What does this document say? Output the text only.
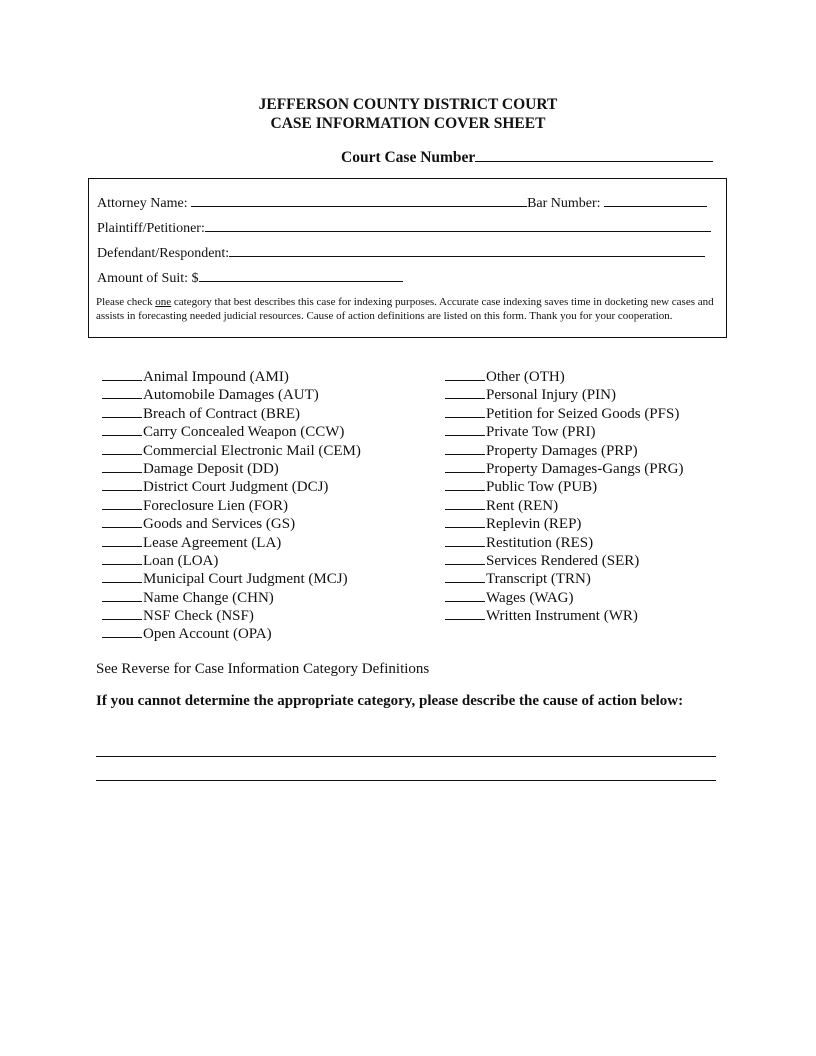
JEFFERSON COUNTY DISTRICT COURT
CASE INFORMATION COVER SHEET
Court Case Number
Attorney Name:	Bar Number:
Plaintiff/Petitioner:
Defendant/Respondent:
Amount of Suit: $
Please check one category that best describes this case for indexing purposes. Accurate case indexing saves time in docketing new cases and assists in forecasting needed judicial resources. Cause of action definitions are listed on this form. Thank you for your cooperation.
Animal Impound (AMI)
Automobile Damages (AUT)
Breach of Contract (BRE)
Carry Concealed Weapon (CCW)
Commercial Electronic Mail (CEM)
Damage Deposit (DD)
District Court Judgment (DCJ)
Foreclosure Lien (FOR)
Goods and Services (GS)
Lease Agreement (LA)
Loan (LOA)
Municipal Court Judgment (MCJ)
Name Change (CHN)
NSF Check (NSF)
Open Account (OPA)
Other (OTH)
Personal Injury (PIN)
Petition for Seized Goods (PFS)
Private Tow (PRI)
Property Damages (PRP)
Property Damages-Gangs (PRG)
Public Tow (PUB)
Rent (REN)
Replevin (REP)
Restitution (RES)
Services Rendered (SER)
Transcript (TRN)
Wages (WAG)
Written Instrument (WR)
See Reverse for Case Information Category Definitions
If you cannot determine the appropriate category, please describe the cause of action below:
